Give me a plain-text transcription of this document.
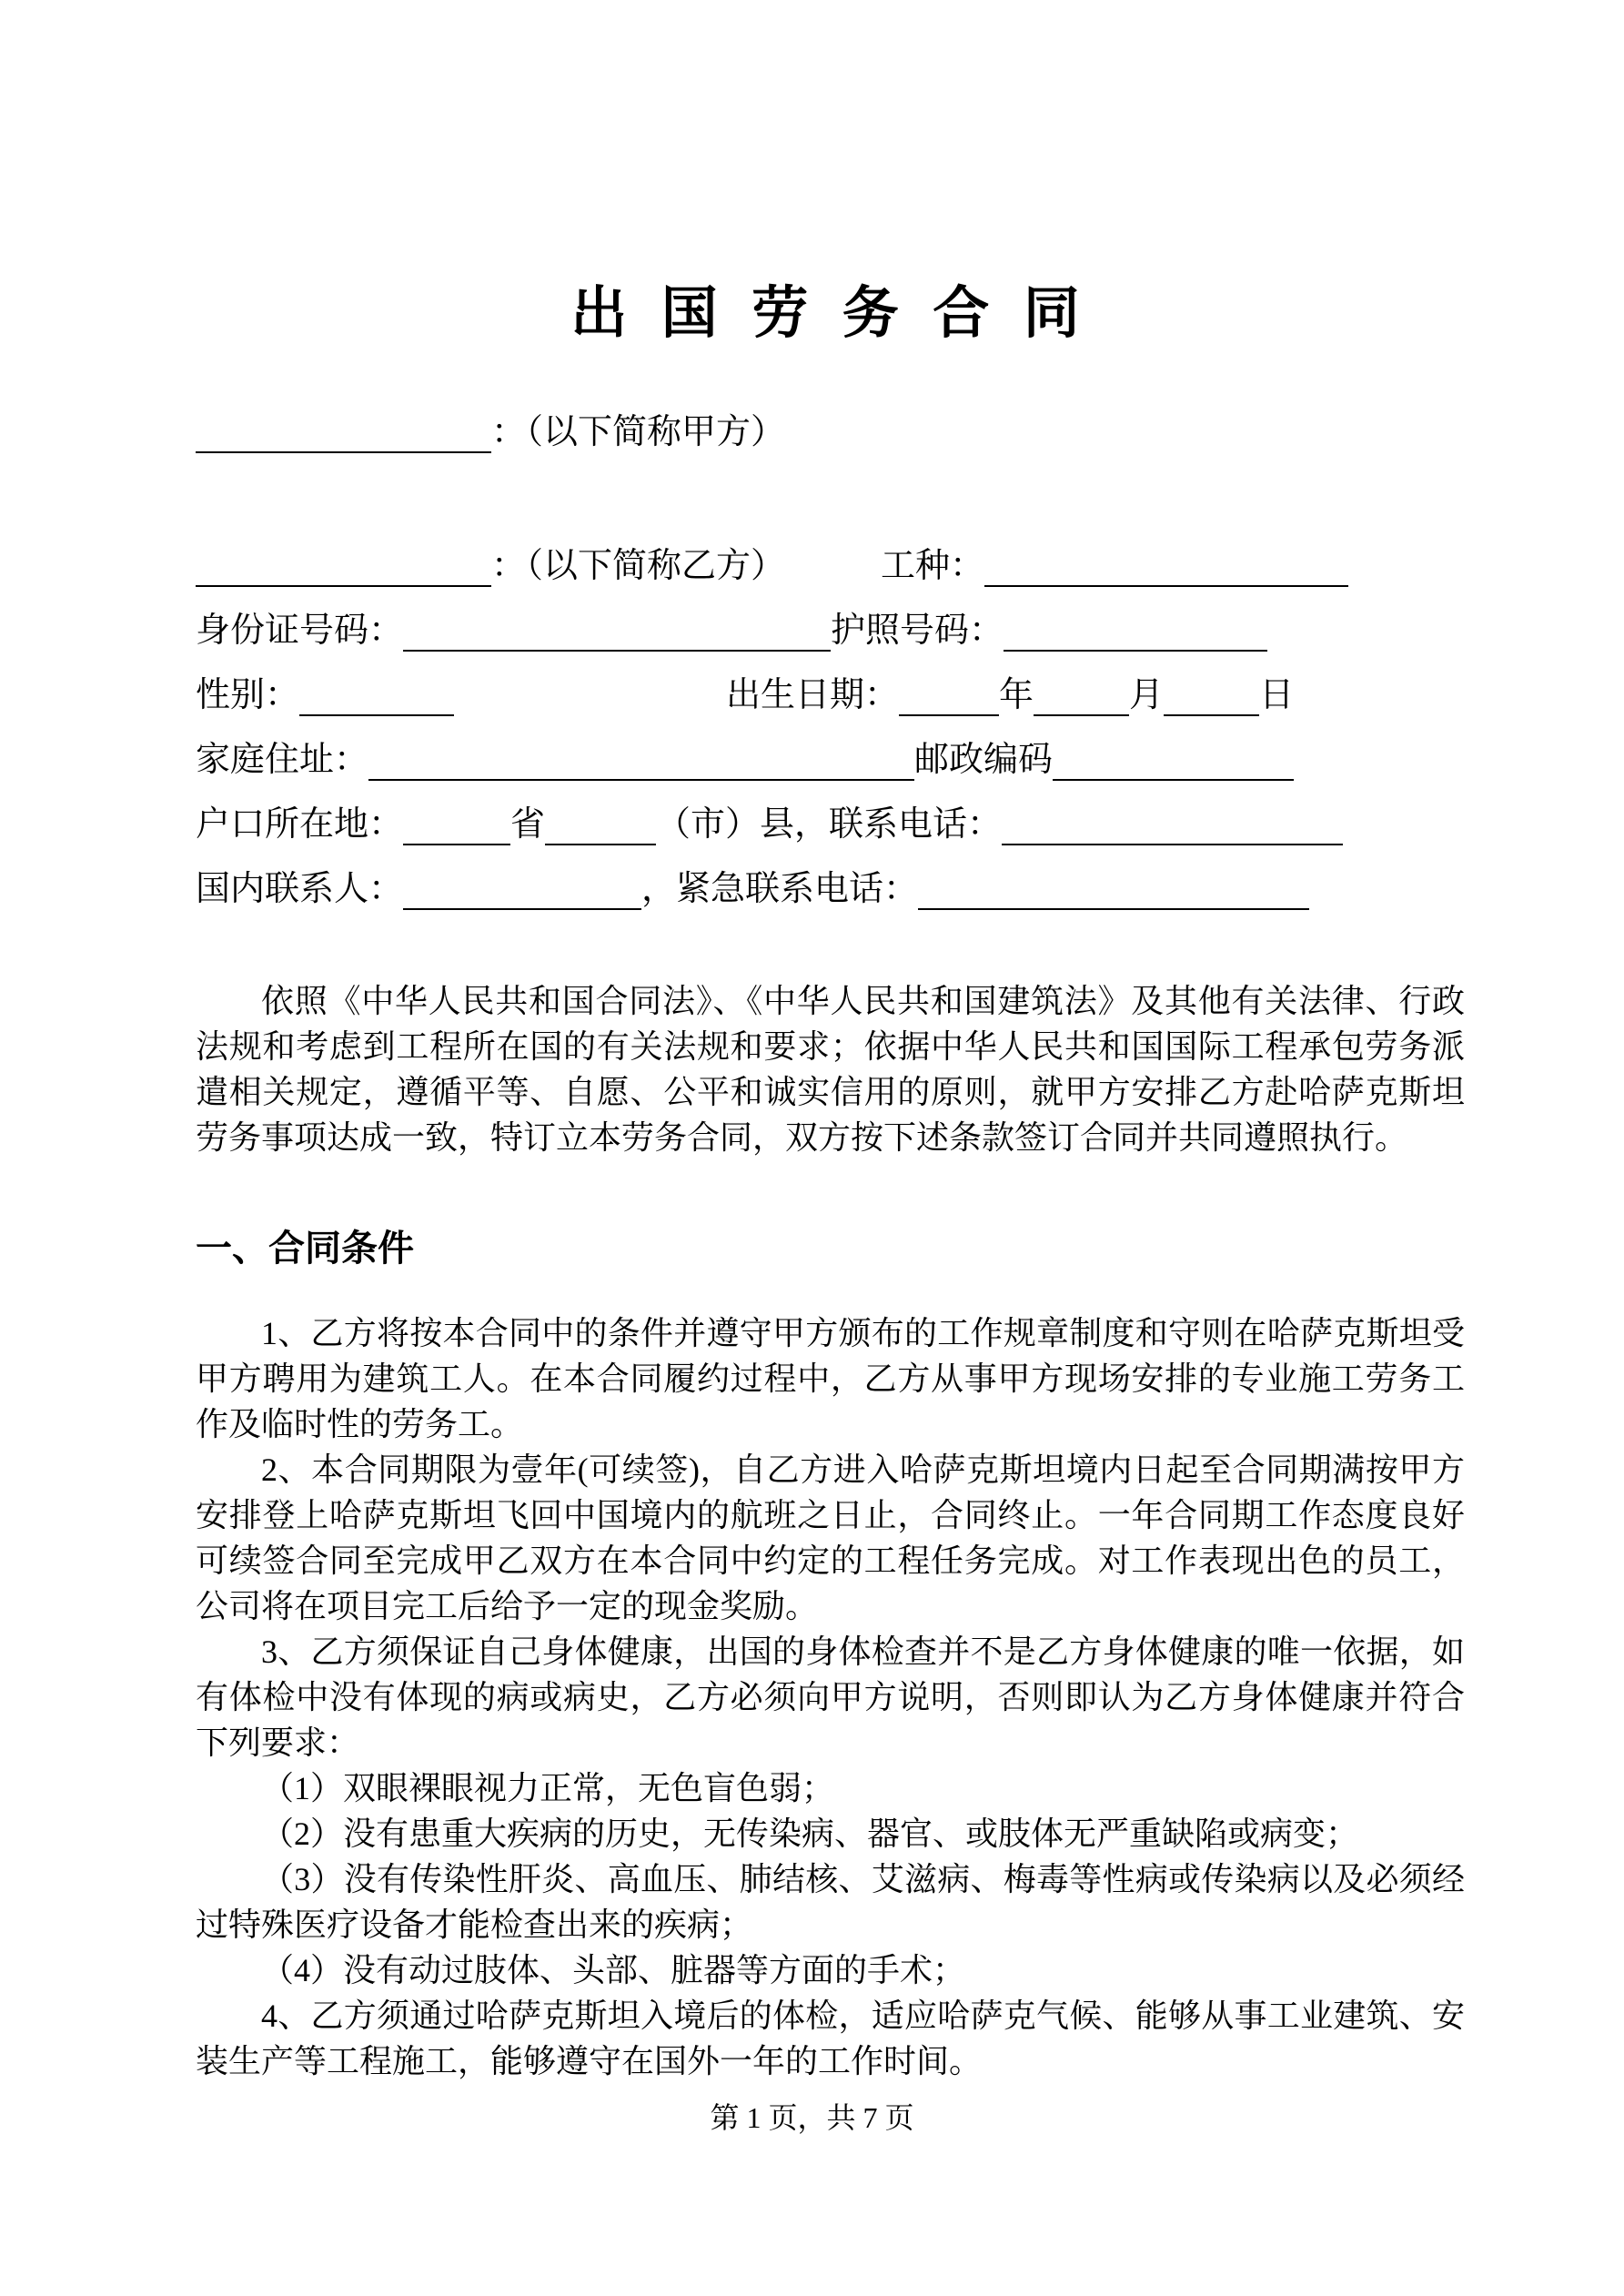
出 国 劳 务 合 同
：（以下简称甲方）
：（以下简称乙方）	工种：
身份证号码：	护照号码：
性别：	出生日期：	年	月	日
家庭住址：	邮政编码
户口所在地：	省	（市）县，联系电话：
国内联系人：	，紧急联系电话：

依照《中华人民共和国合同法》、《中华人民共和国建筑法》及其他有关法律、行政法规和考虑到工程所在国的有关法规和要求；依据中华人民共和国国际工程承包劳务派遣相关规定，遵循平等、自愿、公平和诚实信用的原则，就甲方安排乙方赴哈萨克斯坦劳务事项达成一致，特订立本劳务合同，双方按下述条款签订合同并共同遵照执行。

一、合同条件

1、乙方将按本合同中的条件并遵守甲方颁布的工作规章制度和守则在哈萨克斯坦受甲方聘用为建筑工人。在本合同履约过程中，乙方从事甲方现场安排的专业施工劳务工作及临时性的劳务工。

2、本合同期限为壹年(可续签)，自乙方进入哈萨克斯坦境内日起至合同期满按甲方安排登上哈萨克斯坦飞回中国境内的航班之日止，合同终止。一年合同期工作态度良好可续签合同至完成甲乙双方在本合同中约定的工程任务完成。对工作表现出色的员工，公司将在项目完工后给予一定的现金奖励。

3、乙方须保证自己身体健康，出国的身体检查并不是乙方身体健康的唯一依据，如有体检中没有体现的病或病史，乙方必须向甲方说明，否则即认为乙方身体健康并符合下列要求：

（1）双眼裸眼视力正常，无色盲色弱；

（2）没有患重大疾病的历史，无传染病、器官、或肢体无严重缺陷或病变；

（3）没有传染性肝炎、高血压、肺结核、艾滋病、梅毒等性病或传染病以及必须经过特殊医疗设备才能检查出来的疾病；

（4）没有动过肢体、头部、脏器等方面的手术；

4、乙方须通过哈萨克斯坦入境后的体检，适应哈萨克气候、能够从事工业建筑、安装生产等工程施工，能够遵守在国外一年的工作时间。

第 1 页，共 7 页
